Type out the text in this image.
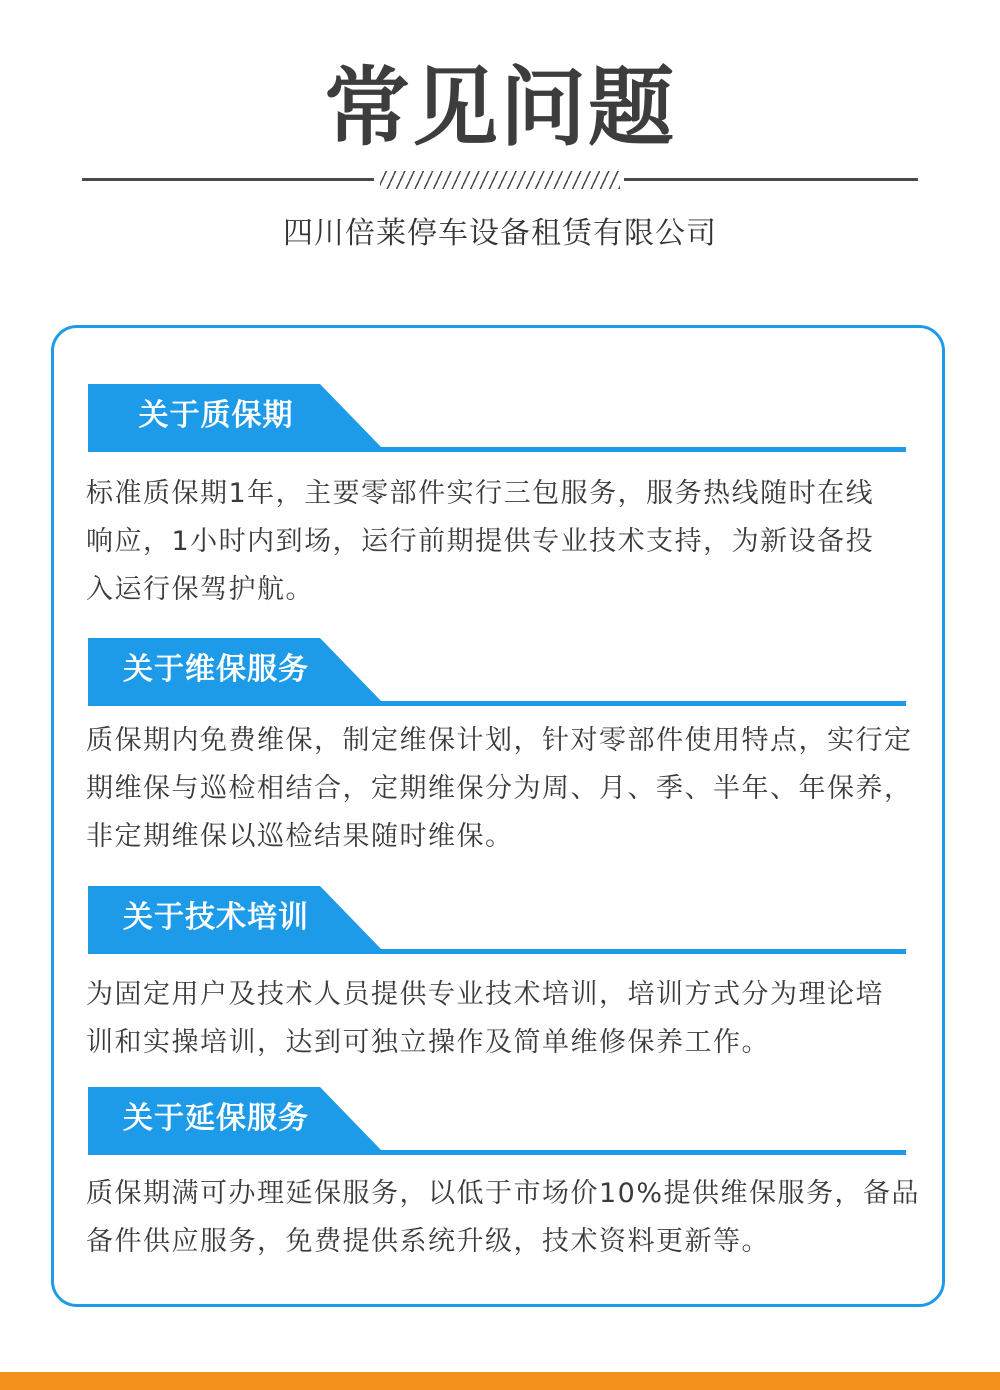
常见问题
四川倍莱停车设备租赁有限公司
关于质保期
标准质保期1年，主要零部件实行三包服务，服务热线随时在线
响应，1小时内到场，运行前期提供专业技术支持，为新设备投
入运行保驾护航。
关于维保服务
质保期内免费维保，制定维保计划，针对零部件使用特点，实行定
期维保与巡检相结合，定期维保分为周、月、季、半年、年保养，
非定期维保以巡检结果随时维保。
关于技术培训
为固定用户及技术人员提供专业技术培训，培训方式分为理论培
训和实操培训，达到可独立操作及简单维修保养工作。
关于延保服务
质保期满可办理延保服务，以低于市场价10%提供维保服务，备品
备件供应服务，免费提供系统升级，技术资料更新等。
